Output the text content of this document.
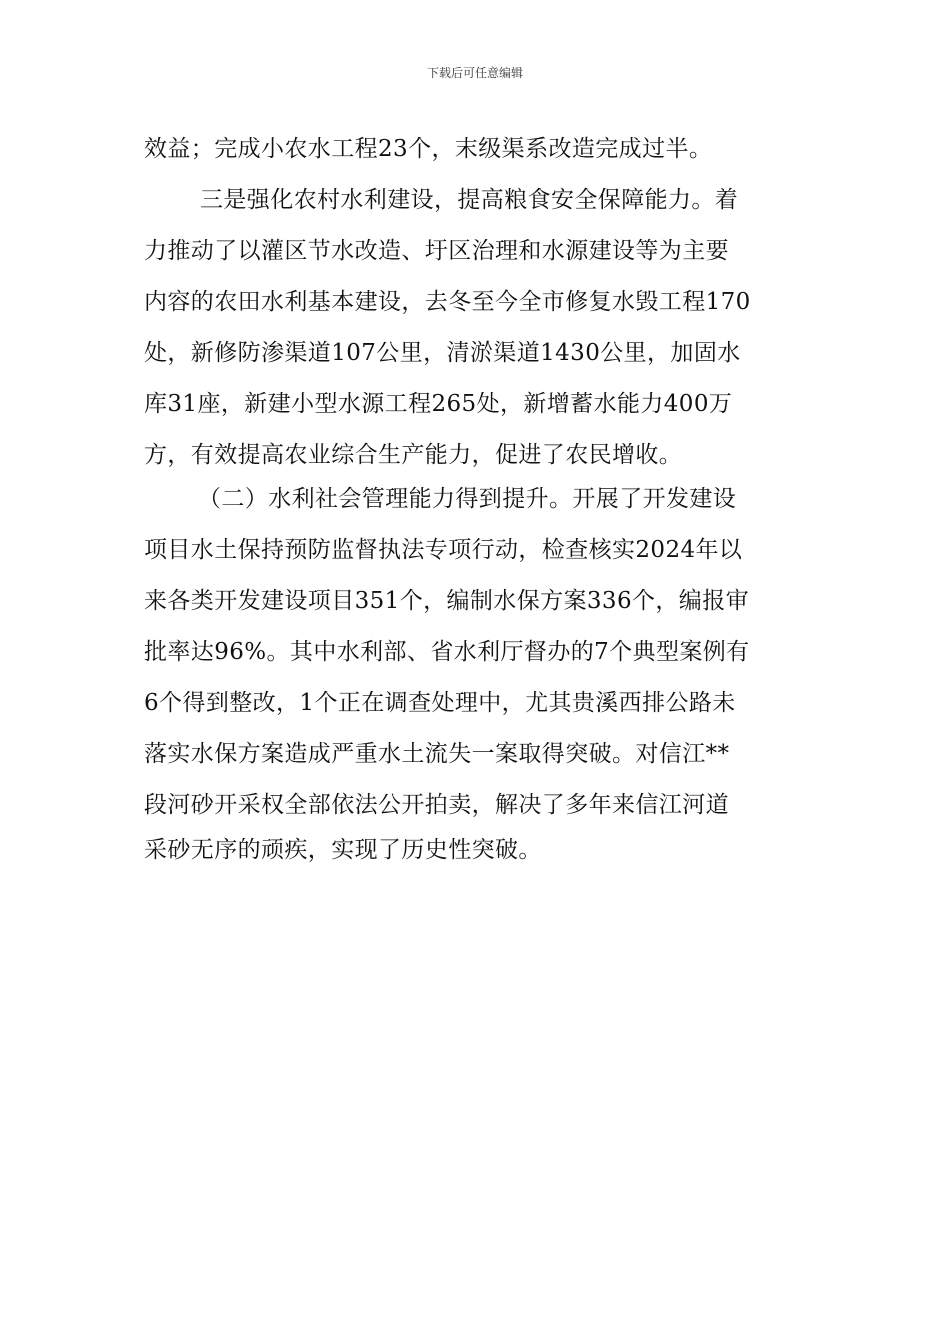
下载后可任意编辑
效益；完成小农水工程23个，末级渠系改造完成过半。
三是强化农村水利建设，提高粮食安全保障能力。着
力推动了以灌区节水改造、圩区治理和水源建设等为主要
内容的农田水利基本建设，去冬至今全市修复水毁工程170
处，新修防渗渠道107公里，清淤渠道1430公里，加固水
库31座，新建小型水源工程265处，新增蓄水能力400万
方，有效提高农业综合生产能力，促进了农民增收。
（二）水利社会管理能力得到提升。开展了开发建设
项目水土保持预防监督执法专项行动，检查核实2024年以
来各类开发建设项目351个，编制水保方案336个，编报审
批率达96%。其中水利部、省水利厅督办的7个典型案例有
6个得到整改，1个正在调查处理中，尤其贵溪西排公路未
落实水保方案造成严重水土流失一案取得突破。对信江**
段河砂开采权全部依法公开拍卖，解决了多年来信江河道
采砂无序的顽疾，实现了历史性突破。
